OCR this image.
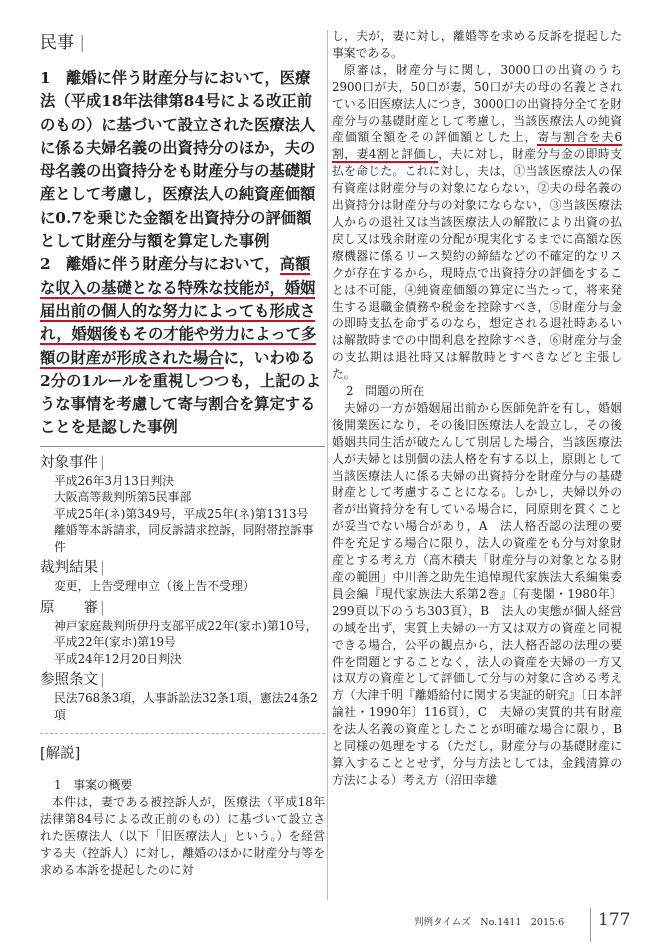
民事 |

1　離婚に伴う財産分与において，医療法（平成18年法律第84号による改正前のもの）に基づいて設立された医療法人に係る夫婦名義の出資持分のほか，夫の母名義の出資持分をも財産分与の基礎財産として考慮し，医療法人の純資産価額に0.7を乗じた金額を出資持分の評価額として財産分与額を算定した事例

2　離婚に伴う財産分与において，高額な収入の基礎となる特殊な技能が，婚姻届出前の個人的な努力によっても形成され，婚姻後もその才能や労力によって多額の財産が形成された場合に，いわゆる2分の1ルールを重視しつつも，上記のような事情を考慮して寄与割合を算定することを是認した事例

対象事件 |
平成26年3月13日判決
大阪高等裁判所第5民事部
平成25年(ネ)第349号，平成25年(ネ)第1313号
離婚等本訴請求，同反訴請求控訴，同附帯控訴事件
裁判結果 |
変更，上告受理申立（後上告不受理）
原　　審 |
神戸家庭裁判所伊丹支部平成22年(家ホ)第10号，平成22年(家ホ)第19号
平成24年12月20日判決
参照条文 |
民法768条3項，人事訴訟法32条1項，憲法24条2項
[解説]

1　事案の概要

本件は，妻である被控訴人が，医療法（平成18年法律第84号による改正前のもの）に基づいて設立された医療法人（以下「旧医療法人」という。）を経営する夫（控訴人）に対し，離婚のほかに財産分与等を求める本訴を提起したのに対

し，夫が，妻に対し，離婚等を求める反訴を提起した事案である。

原審は，財産分与に関し，3000口の出資のうち2900口が夫，50口が妻，50口が夫の母の名義とされている旧医療法人につき，3000口の出資持分全てを財産分与の基礎財産として考慮し，当該医療法人の純資産価額全額をその評価額とした上，寄与割合を夫6割，妻4割と評価し，夫に対し，財産分与金の即時支払を命じた。これに対し，夫は，①当該医療法人の保有資産は財産分与の対象にならない，②夫の母名義の出資持分は財産分与の対象にならない，③当該医療法人からの退社又は当該医療法人の解散により出資の払戻し又は残余財産の分配が現実化するまでに高額な医療機器に係るリース契約の締結などの不確定的なリスクが存在するから，現時点で出資持分の評価をすることは不可能，④純資産価額の算定に当たって，将来発生する退職金債務や税金を控除すべき，⑤財産分与金の即時支払を命ずるのなら，想定される退社時あるいは解散時までの中間利息を控除すべき，⑥財産分与金の支払期は退社時又は解散時とすべきなどと主張した。

2　問題の所在

夫婦の一方が婚姻届出前から医師免許を有し，婚姻後開業医になり，その後旧医療法人を設立し，その後婚姻共同生活が破たんして別居した場合，当該医療法人が夫婦とは別個の法人格を有する以上，原則として当該医療法人に係る夫婦の出資持分を財産分与の基礎財産として考慮することになる。しかし，夫婦以外の者が出資持分を有している場合に，同原則を貫くことが妥当でない場合があり，A　法人格否認の法理の要件を充足する場合に限り，法人の資産をも分与対象財産とする考え方（高木積夫「財産分与の対象となる財産の範囲」中川善之助先生追悼現代家族法大系編集委員会編『現代家族法大系第2巻』〔有斐閣・1980年〕299頁以下のうち303頁），B　法人の実態が個人経営の域を出ず，実質上夫婦の一方又は双方の資産と同視できる場合，公平の観点から，法人格否認の法理の要件を問題とすることなく，法人の資産を夫婦の一方又は双方の資産として評価して分与の対象に含める考え方（大津千明『離婚給付に関する実証的研究』〔日本評論社・1990年〕116頁），C　夫婦の実質的共有財産を法人名義の資産としたことが明確な場合に限り，Bと同様の処理をする（ただし，財産分与の基礎財産に算入することとせず，分与方法としては，金銭清算の方法による）考え方（沼田幸雄

判例タイムズ　No.1411　2015.6 177
